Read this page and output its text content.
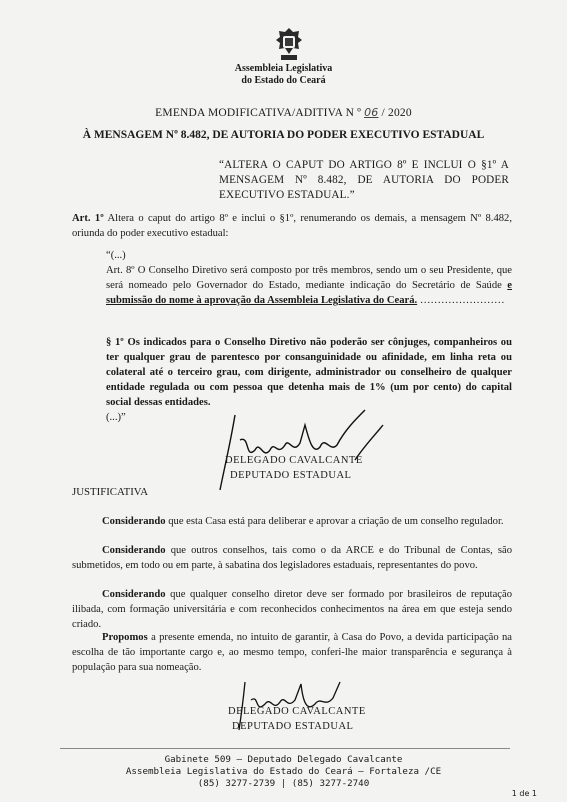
Assembleia Legislativa
do Estado do Ceará
EMENDA MODIFICATIVA/ADITIVA N º 06 / 2020
À MENSAGEM Nº 8.482, DE AUTORIA DO PODER EXECUTIVO ESTADUAL
“ALTERA O CAPUT DO ARTIGO 8º E INCLUI O §1º A MENSAGEM Nº 8.482, DE AUTORIA DO PODER EXECUTIVO ESTADUAL.”
Art. 1º Altera o caput do artigo 8º e inclui o §1º, renumerando os demais, a mensagem Nº 8.482, oriunda do poder executivo estadual:
“(...)
Art. 8º O Conselho Diretivo será composto por três membros, sendo um o seu Presidente, que será nomeado pelo Governador do Estado, mediante indicação do Secretário de Saúde e submissão do nome à aprovação da Assembleia Legislativa do Ceará. ……………………
§ 1º Os indicados para o Conselho Diretivo não poderão ser cônjuges, companheiros ou ter qualquer grau de parentesco por consanguinidade ou afinidade, em linha reta ou colateral até o terceiro grau, com dirigente, administrador ou conselheiro de qualquer entidade regulada ou com pessoa que detenha mais de 1% (um por cento) do capital social dessas entidades.
(...)”
DELEGADO CAVALCANTE
DEPUTADO ESTADUAL
JUSTIFICATIVA
Considerando que esta Casa está para deliberar e aprovar a criação de um conselho regulador.
Considerando que outros conselhos, tais como o da ARCE e do Tribunal de Contas, são submetidos, em todo ou em parte, à sabatina dos legisladores estaduais, representantes do povo.
Considerando que qualquer conselho diretor deve ser formado por brasileiros de reputação ilibada, com formação universitária e com reconhecidos conhecimentos na área em que esteja sendo criado.
Propomos a presente emenda, no intuito de garantir, à Casa do Povo, a devida participação na escolha de tão importante cargo e, ao mesmo tempo, conferi-lhe maior transparência e segurança à população para sua nomeação.
DELEGADO CAVALCANTE
DEPUTADO ESTADUAL
Gabinete 509 – Deputado Delegado Cavalcante
Assembleia Legislativa do Estado do Ceará – Fortaleza /CE
(85) 3277-2739 | (85) 3277-2740
1 de 1
